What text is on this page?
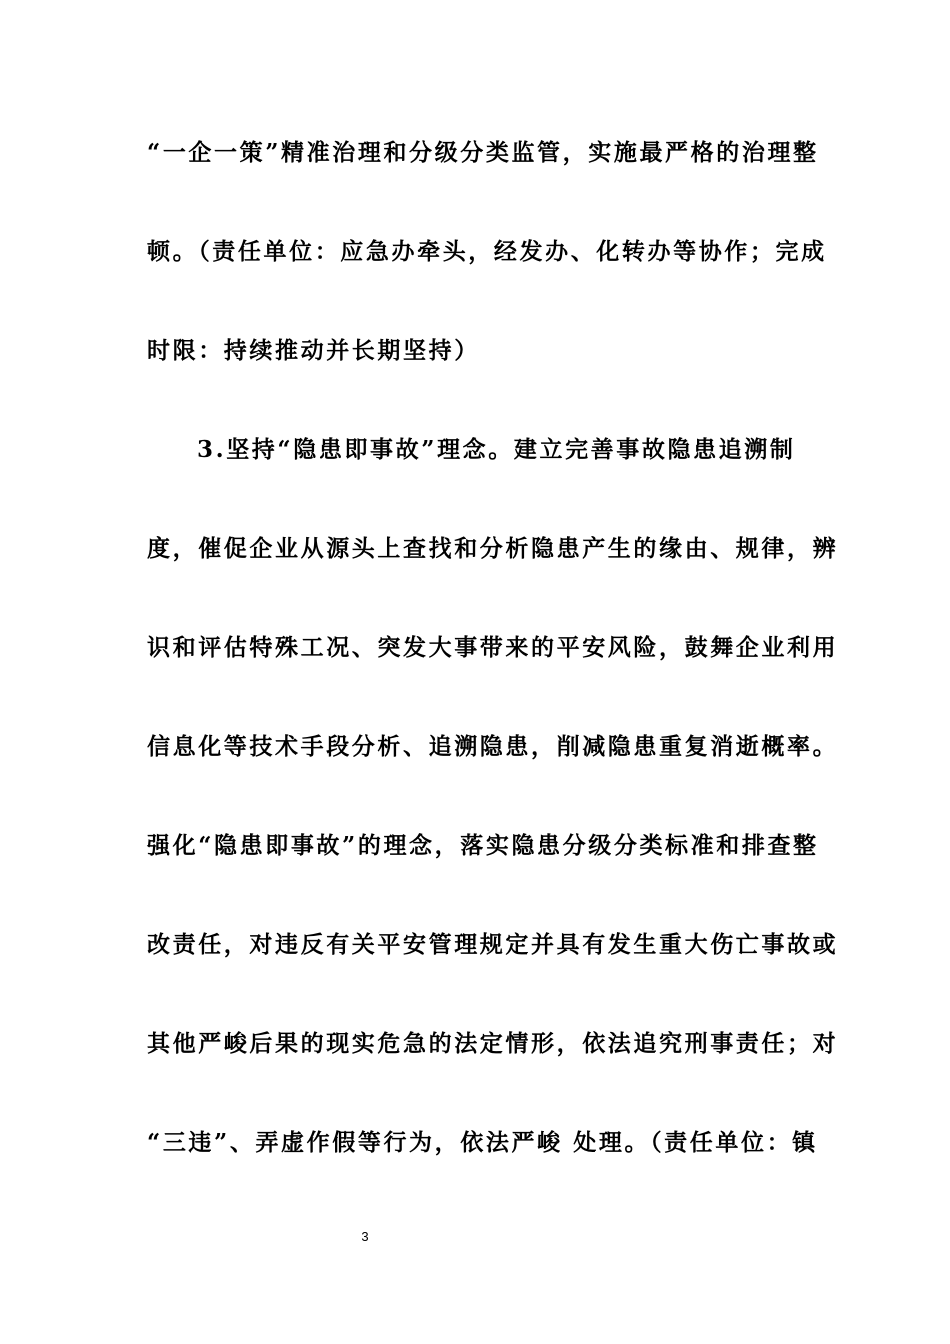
“一企一策”精准治理和分级分类监管，实施最严格的治理整
顿。（责任单位：应急办牵头，经发办、化转办等协作；完成
时限：持续推动并长期坚持）
3.坚持“隐患即事故”理念。建立完善事故隐患追溯制
度，催促企业从源头上查找和分析隐患产生的缘由、规律，辨
识和评估特殊工况、突发大事带来的平安风险，鼓舞企业利用
信息化等技术手段分析、追溯隐患，削减隐患重复消逝概率。
强化“隐患即事故”的理念，落实隐患分级分类标准和排查整
改责任，对违反有关平安管理规定并具有发生重大伤亡事故或
其他严峻后果的现实危急的法定情形，依法追究刑事责任；对
“三违”、弄虚作假等行为，依法严峻 处理。（责任单位：镇
3
